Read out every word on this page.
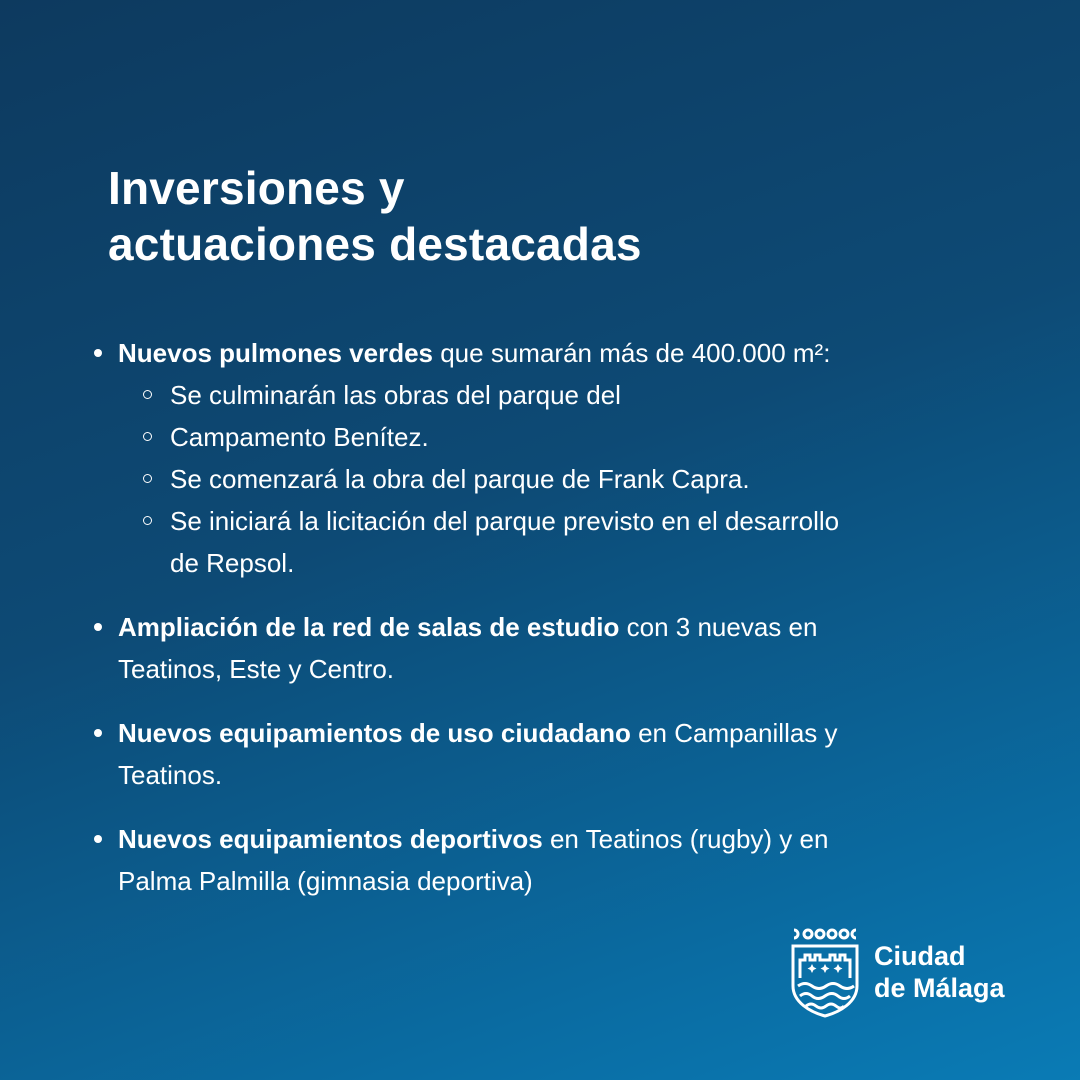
Inversiones y
actuaciones destacadas
Nuevos pulmones verdes que sumarán más de 400.000 m²:
Se culminarán las obras del parque del
Campamento Benítez.
Se comenzará la obra del parque de Frank Capra.
Se iniciará la licitación del parque previsto en el desarrollo
de Repsol.
Ampliación de la red de salas de estudio con 3 nuevas en
Teatinos, Este y Centro.
Nuevos equipamientos de uso ciudadano en Campanillas y
Teatinos.
Nuevos equipamientos deportivos en Teatinos (rugby) y en
Palma Palmilla (gimnasia deportiva)
Ciudad
de Málaga
